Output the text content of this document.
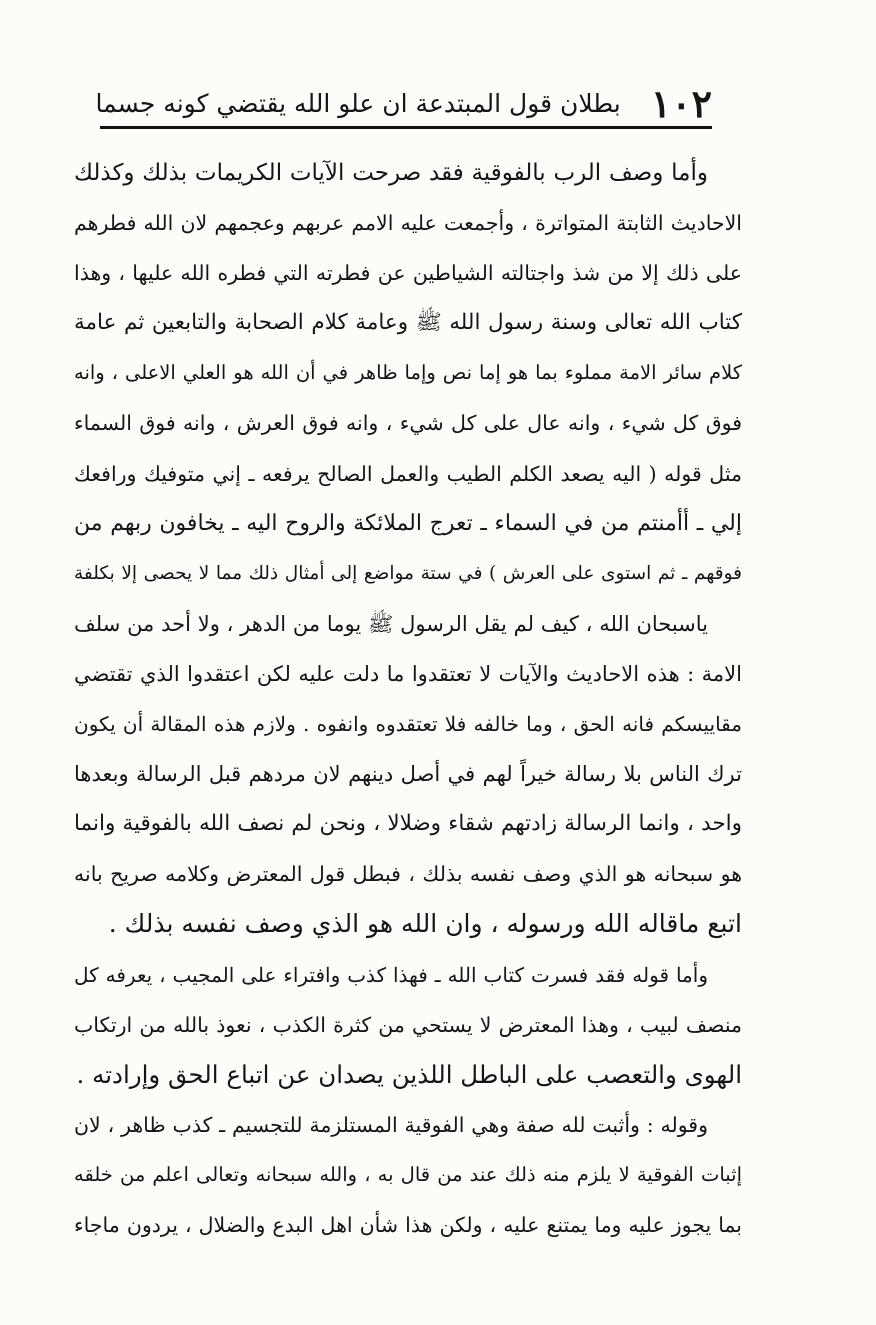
١٠٢
بطلان قول المبتدعة ان علو الله يقتضي كونه جسما
وأما وصف الرب بالفوقية فقد صرحت الآيات الكريمات بذلك وكذلك
الاحاديث الثابتة المتواترة ، وأجمعت عليه الامم عربهم وعجمهم لان الله فطرهم
على ذلك إلا من شذ واجتالته الشياطين عن فطرته التي فطره الله عليها ، وهذا
كتاب الله تعالى وسنة رسول الله ﷺ وعامة كلام الصحابة والتابعين ثم عامة
كلام سائر الامة مملوء بما هو إما نص وإما ظاهر في أن الله هو العلي الاعلى ، وانه
فوق كل شيء ، وانه عال على كل شيء ، وانه فوق العرش ، وانه فوق السماء
مثل قوله ( اليه يصعد الكلم الطيب والعمل الصالح يرفعه ـ إني متوفيك ورافعك
إلي ـ أأمنتم من في السماء ـ تعرج الملائكة والروح اليه ـ يخافون ربهم من
فوقهم ـ ثم استوى على العرش ) في ستة مواضع إلى أمثال ذلك مما لا يحصى إلا بكلفة
ياسبحان الله ، كيف لم يقل الرسول ﷺ يوما من الدهر ، ولا أحد من سلف
الامة : هذه الاحاديث والآيات لا تعتقدوا ما دلت عليه لكن اعتقدوا الذي تقتضي
مقاييسكم فانه الحق ، وما خالفه فلا تعتقدوه وانفوه . ولازم هذه المقالة أن يكون
ترك الناس بلا رسالة خيراً لهم في أصل دينهم لان مردهم قبل الرسالة وبعدها
واحد ، وانما الرسالة زادتهم شقاء وضلالا ، ونحن لم نصف الله بالفوقية وانما
هو سبحانه هو الذي وصف نفسه بذلك ، فبطل قول المعترض وكلامه صريح بانه
اتبع ماقاله الله ورسوله ، وان الله هو الذي وصف نفسه بذلك .
وأما قوله فقد فسرت كتاب الله ـ فهذا كذب وافتراء على المجيب ، يعرفه كل
منصف لبيب ، وهذا المعترض لا يستحي من كثرة الكذب ، نعوذ بالله من ارتكاب
الهوى والتعصب على الباطل اللذين يصدان عن اتباع الحق وإرادته .
وقوله : وأثبت لله صفة وهي الفوقية المستلزمة للتجسيم ـ كذب ظاهر ، لان
إثبات الفوقية لا يلزم منه ذلك عند من قال به ، والله سبحانه وتعالى اعلم من خلقه
بما يجوز عليه وما يمتنع عليه ، ولكن هذا شأن اهل البدع والضلال ، يردون ماجاء
